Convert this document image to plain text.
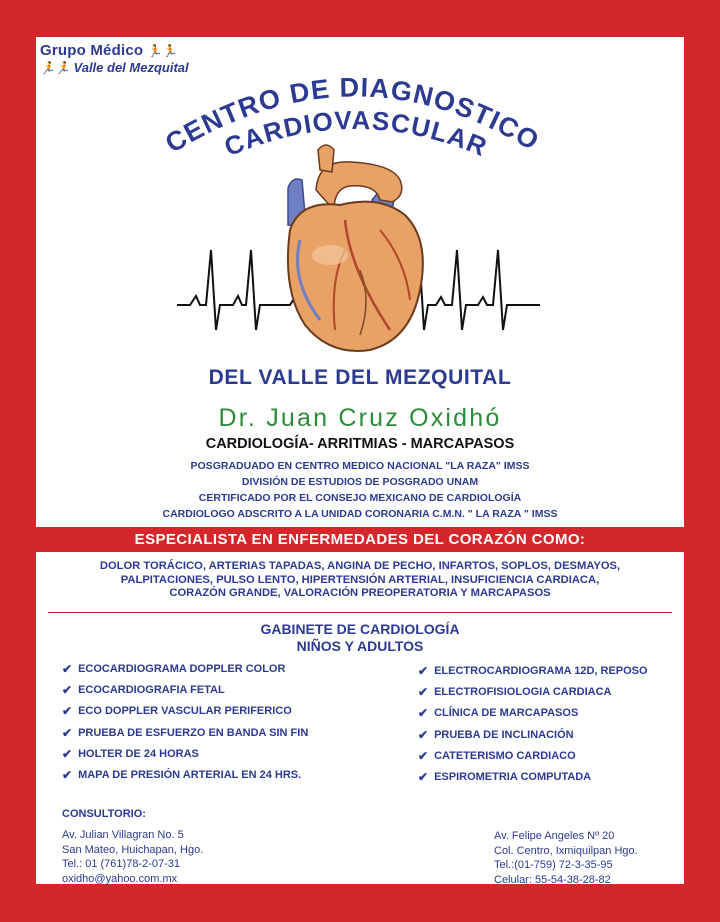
Grupo Médico 🏃🏃
🏃🏃 Valle del Mezquital
CENTRO DE DIAGNOSTICO
CARDIOVASCULAR
DEL VALLE DEL MEZQUITAL
Dr. Juan Cruz Oxidhó
CARDIOLOGÍA- ARRITMIAS - MARCAPASOS
POSGRADUADO EN CENTRO MEDICO NACIONAL "LA RAZA" IMSS
DIVISIÓN DE ESTUDIOS DE POSGRADO UNAM
CERTIFICADO POR EL CONSEJO MEXICANO DE CARDIOLOGÍA
CARDIOLOGO ADSCRITO A LA UNIDAD CORONARIA C.M.N. " LA RAZA " IMSS
ESPECIALISTA EN ENFERMEDADES DEL CORAZÓN COMO:
DOLOR TORÁCICO, ARTERIAS TAPADAS, ANGINA DE PECHO, INFARTOS, SOPLOS, DESMAYOS,
PALPITACIONES, PULSO LENTO, HIPERTENSIÓN ARTERIAL, INSUFICIENCIA CARDIACA,
CORAZÓN GRANDE, VALORACIÓN PREOPERATORIA Y MARCAPASOS
GABINETE DE CARDIOLOGÍA
NIÑOS Y ADULTOS
✔ ECOCARDIOGRAMA DOPPLER COLOR
✔ ECOCARDIOGRAFIA FETAL
✔ ECO DOPPLER VASCULAR PERIFERICO
✔ PRUEBA DE ESFUERZO EN BANDA SIN FIN
✔ HOLTER DE 24 HORAS
✔ MAPA DE PRESIÓN ARTERIAL EN 24 HRS.
✔ ELECTROCARDIOGRAMA 12D, REPOSO
✔ ELECTROFISIOLOGIA CARDIACA
✔ CLÍNICA DE MARCAPASOS
✔ PRUEBA DE INCLINACIÓN
✔ CATETERISMO CARDIACO
✔ ESPIROMETRIA COMPUTADA
CONSULTORIO:
Av. Julian Villagran No. 5
San Mateo, Huichapan, Hgo.
Tel.: 01 (761)78-2-07-31
oxidho@yahoo.com.mx
Av. Felipe Angeles Nº 20
Col. Centro, Ixmiquilpan Hgo.
Tel.:(01-759) 72-3-35-95
Celular: 55-54-38-28-82
